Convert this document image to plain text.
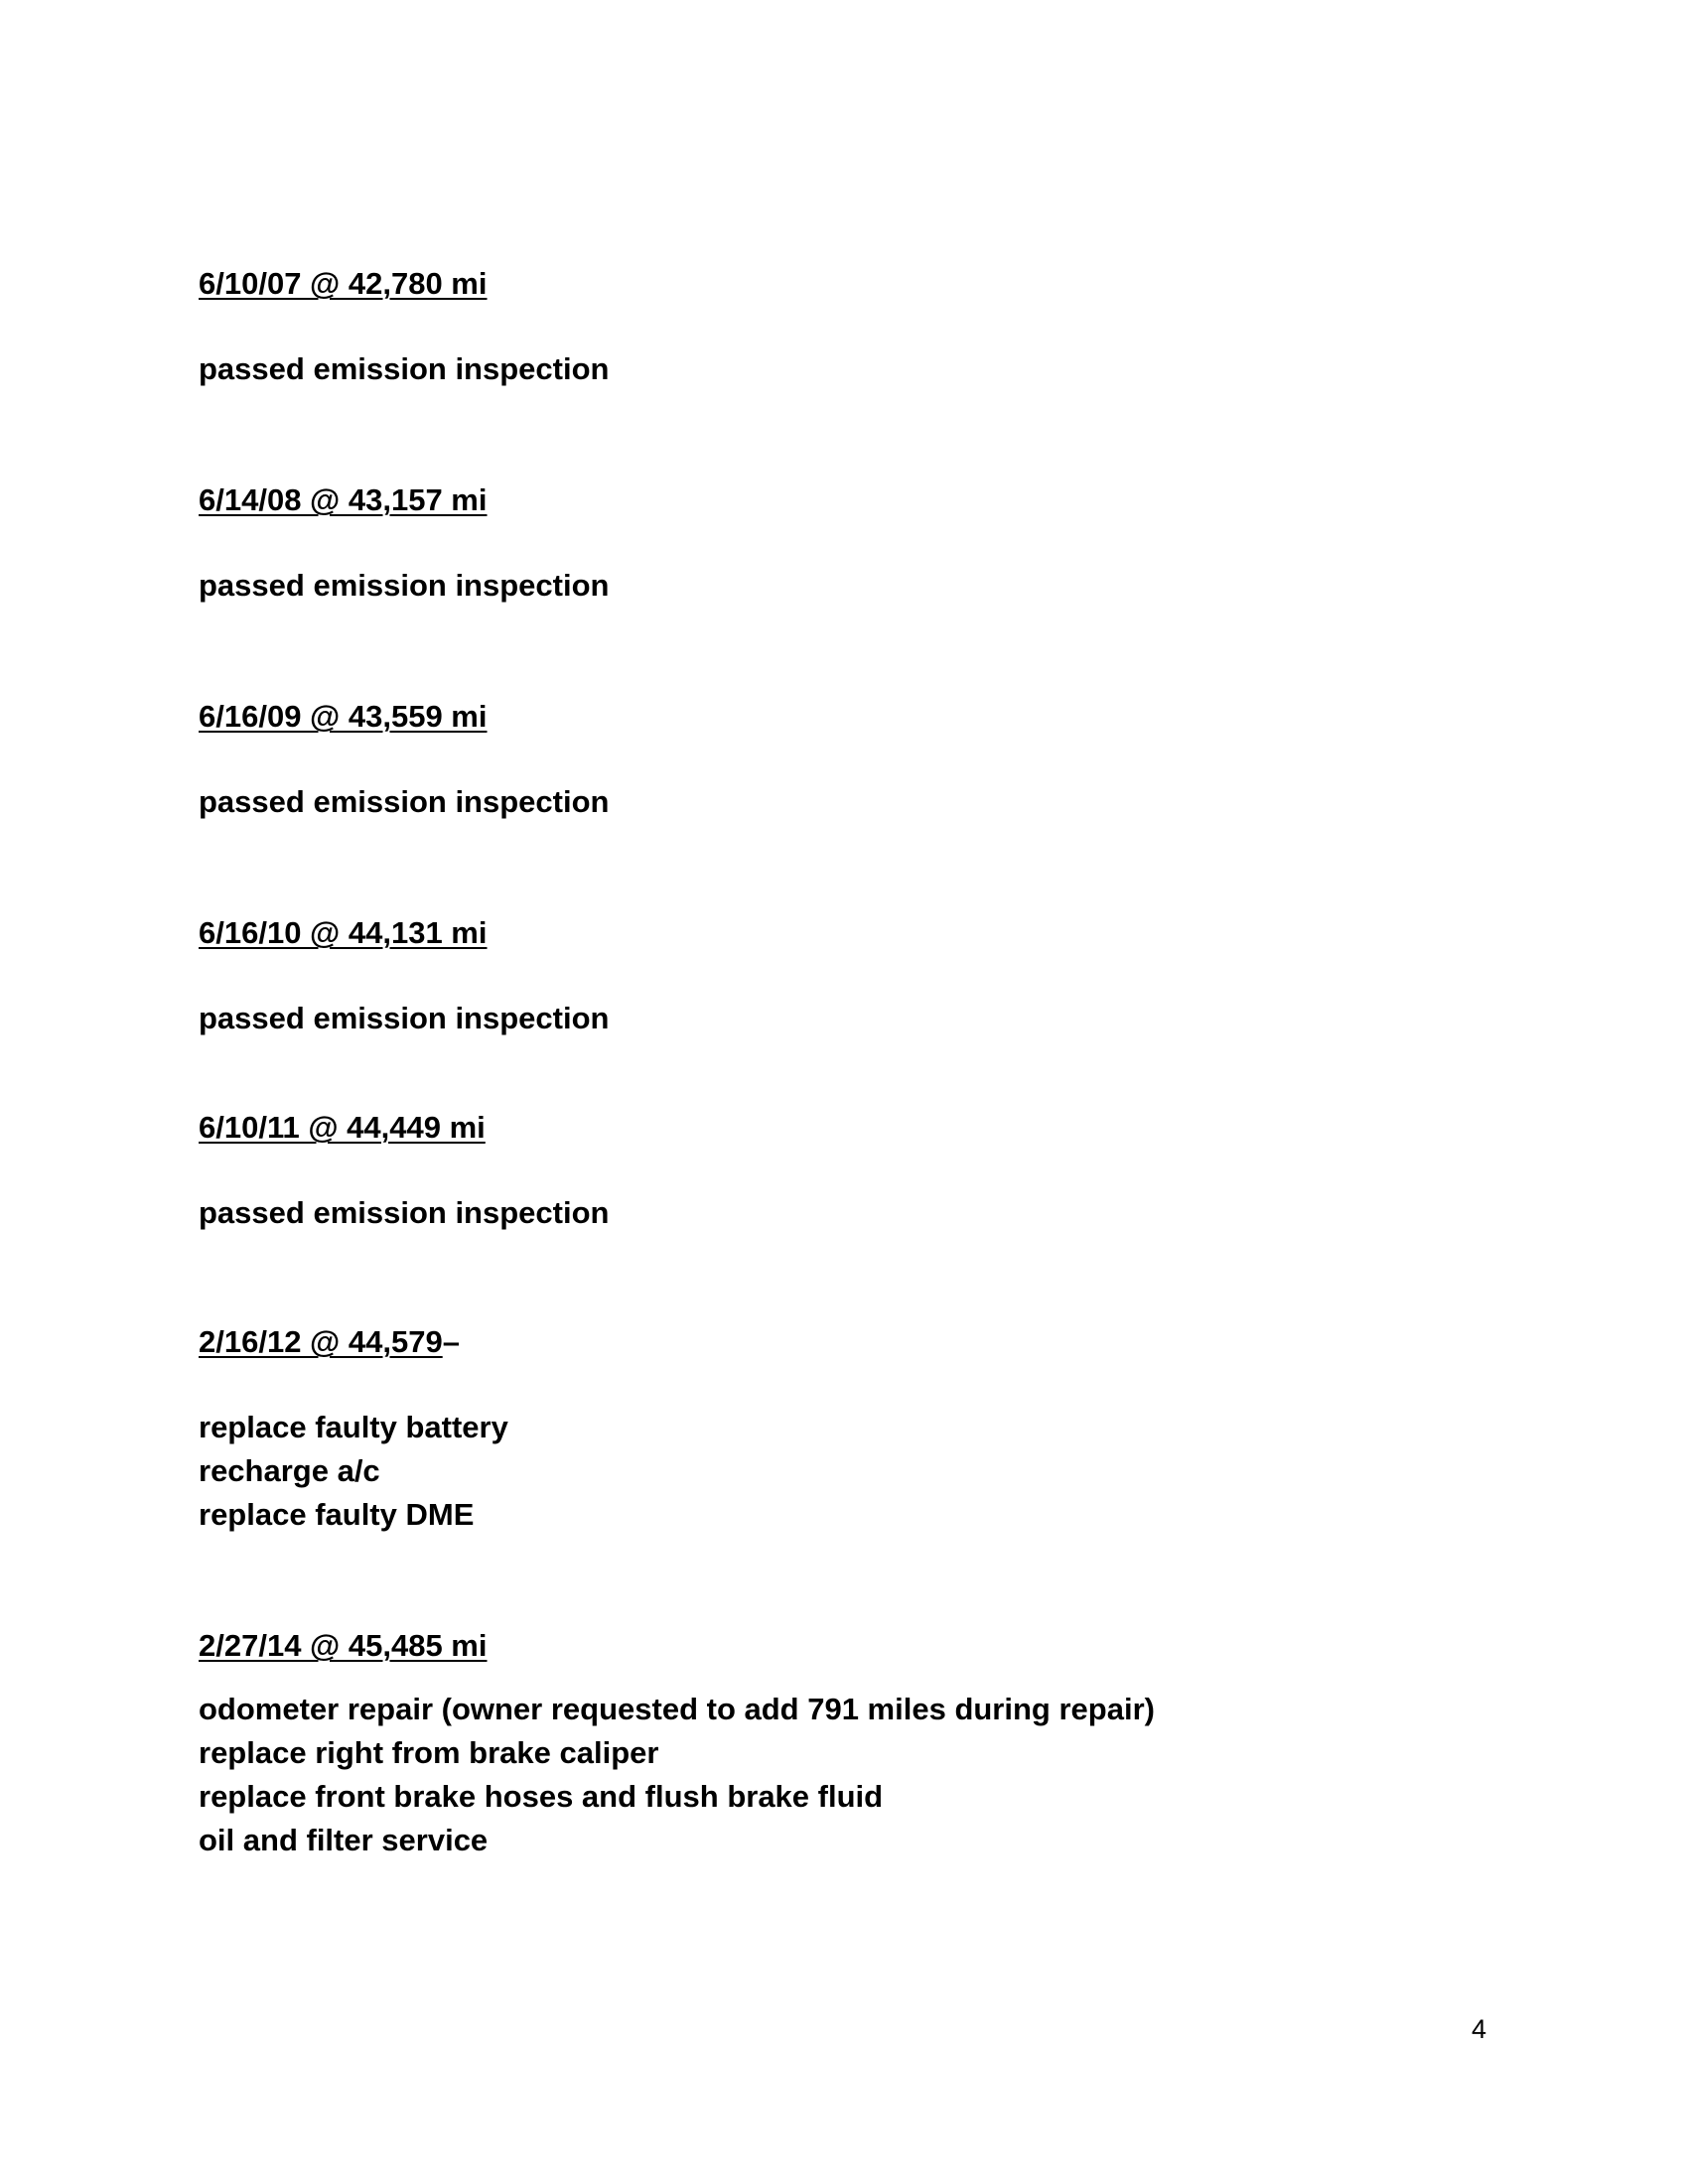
6/10/07 @ 42,780 mi

passed emission inspection

6/14/08 @ 43,157 mi

passed emission inspection

6/16/09 @ 43,559 mi

passed emission inspection

6/16/10 @ 44,131 mi

passed emission inspection

6/10/11 @ 44,449 mi

passed emission inspection

2/16/12 @ 44,579–

replace faulty battery
recharge a/c
replace faulty DME

2/27/14 @ 45,485 mi

odometer repair (owner requested to add 791 miles during repair)
replace right from brake caliper
replace front brake hoses and flush brake fluid
oil and filter service
4
